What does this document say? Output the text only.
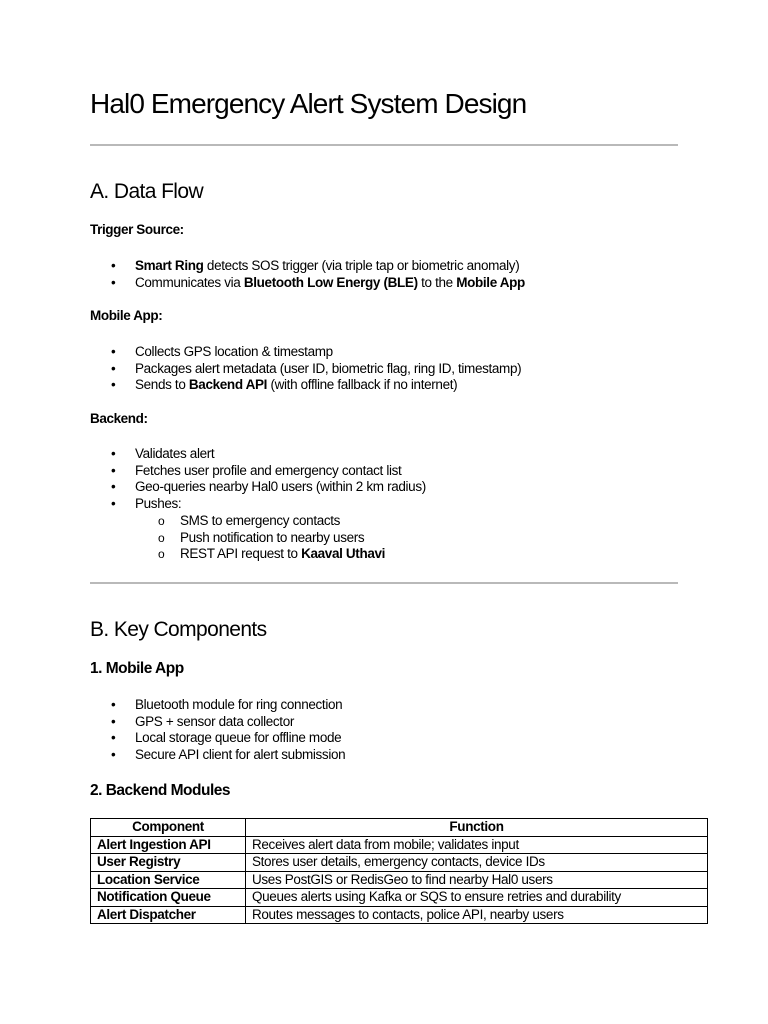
Hal0 Emergency Alert System Design
A. Data Flow
Trigger Source:
• Smart Ring detects SOS trigger (via triple tap or biometric anomaly)
• Communicates via Bluetooth Low Energy (BLE) to the Mobile App
Mobile App:
• Collects GPS location & timestamp
• Packages alert metadata (user ID, biometric flag, ring ID, timestamp)
• Sends to Backend API (with offline fallback if no internet)
Backend:
• Validates alert
• Fetches user profile and emergency contact list
• Geo-queries nearby Hal0 users (within 2 km radius)
• Pushes:
o SMS to emergency contacts
o Push notification to nearby users
o REST API request to Kaaval Uthavi
B. Key Components
1. Mobile App
• Bluetooth module for ring connection
• GPS + sensor data collector
• Local storage queue for offline mode
• Secure API client for alert submission
2. Backend Modules
Component	Function
Alert Ingestion API	Receives alert data from mobile; validates input
User Registry	Stores user details, emergency contacts, device IDs
Location Service	Uses PostGIS or RedisGeo to find nearby Hal0 users
Notification Queue	Queues alerts using Kafka or SQS to ensure retries and durability
Alert Dispatcher	Routes messages to contacts, police API, nearby users
